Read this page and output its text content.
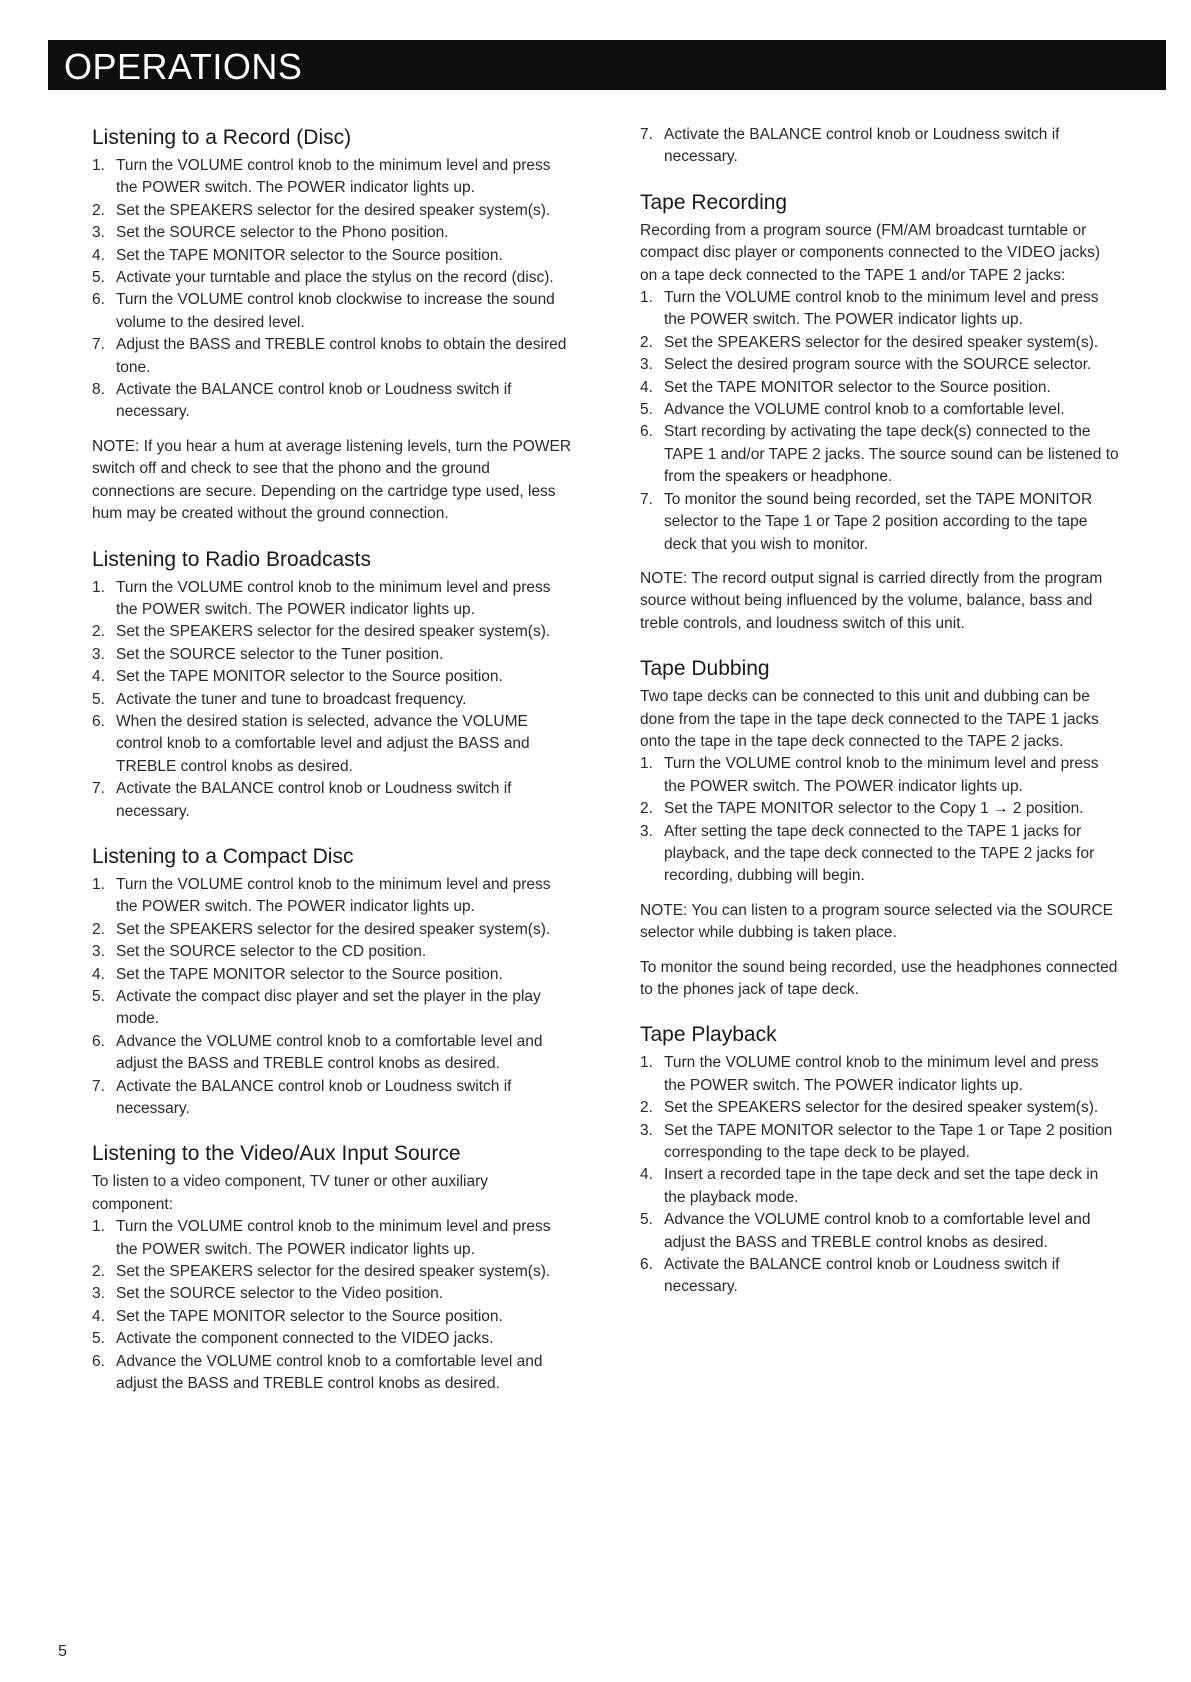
OPERATIONS
Listening to a Record (Disc)
1. Turn the VOLUME control knob to the minimum level and press the POWER switch. The POWER indicator lights up.
2. Set the SPEAKERS selector for the desired speaker system(s).
3. Set the SOURCE selector to the Phono position.
4. Set the TAPE MONITOR selector to the Source position.
5. Activate your turntable and place the stylus on the record (disc).
6. Turn the VOLUME control knob clockwise to increase the sound volume to the desired level.
7. Adjust the BASS and TREBLE control knobs to obtain the desired tone.
8. Activate the BALANCE control knob or Loudness switch if necessary.

NOTE: If you hear a hum at average listening levels, turn the POWER switch off and check to see that the phono and the ground connections are secure. Depending on the cartridge type used, less hum may be created without the ground connection.

Listening to Radio Broadcasts
1. Turn the VOLUME control knob to the minimum level and press the POWER switch. The POWER indicator lights up.
2. Set the SPEAKERS selector for the desired speaker system(s).
3. Set the SOURCE selector to the Tuner position.
4. Set the TAPE MONITOR selector to the Source position.
5. Activate the tuner and tune to broadcast frequency.
6. When the desired station is selected, advance the VOLUME control knob to a comfortable level and adjust the BASS and TREBLE control knobs as desired.
7. Activate the BALANCE control knob or Loudness switch if necessary.
Listening to a Compact Disc
1. Turn the VOLUME control knob to the minimum level and press the POWER switch. The POWER indicator lights up.
2. Set the SPEAKERS selector for the desired speaker system(s).
3. Set the SOURCE selector to the CD position.
4. Set the TAPE MONITOR selector to the Source position.
5. Activate the compact disc player and set the player in the play mode.
6. Advance the VOLUME control knob to a comfortable level and adjust the BASS and TREBLE control knobs as desired.
7. Activate the BALANCE control knob or Loudness switch if necessary.
Listening to the Video/Aux Input Source

To listen to a video component, TV tuner or other auxiliary component:

1. Turn the VOLUME control knob to the minimum level and press the POWER switch. The POWER indicator lights up.
2. Set the SPEAKERS selector for the desired speaker system(s).
3. Set the SOURCE selector to the Video position.
4. Set the TAPE MONITOR selector to the Source position.
5. Activate the component connected to the VIDEO jacks.
6. Advance the VOLUME control knob to a comfortable level and adjust the BASS and TREBLE control knobs as desired.
7. Activate the BALANCE control knob or Loudness switch if necessary.
Tape Recording

Recording from a program source (FM/AM broadcast turntable or compact disc player or components connected to the VIDEO jacks) on a tape deck connected to the TAPE 1 and/or TAPE 2 jacks:

1. Turn the VOLUME control knob to the minimum level and press the POWER switch. The POWER indicator lights up.
2. Set the SPEAKERS selector for the desired speaker system(s).
3. Select the desired program source with the SOURCE selector.
4. Set the TAPE MONITOR selector to the Source position.
5. Advance the VOLUME control knob to a comfortable level.
6. Start recording by activating the tape deck(s) connected to the TAPE 1 and/or TAPE 2 jacks. The source sound can be listened to from the speakers or headphone.
7. To monitor the sound being recorded, set the TAPE MONITOR selector to the Tape 1 or Tape 2 position according to the tape deck that you wish to monitor.

NOTE: The record output signal is carried directly from the program source without being influenced by the volume, balance, bass and treble controls, and loudness switch of this unit.

Tape Dubbing

Two tape decks can be connected to this unit and dubbing can be done from the tape in the tape deck connected to the TAPE 1 jacks onto the tape in the tape deck connected to the TAPE 2 jacks.

1. Turn the VOLUME control knob to the minimum level and press the POWER switch. The POWER indicator lights up.
2. Set the TAPE MONITOR selector to the Copy 1 → 2 position.
3. After setting the tape deck connected to the TAPE 1 jacks for playback, and the tape deck connected to the TAPE 2 jacks for recording, dubbing will begin.

NOTE: You can listen to a program source selected via the SOURCE selector while dubbing is taken place.

To monitor the sound being recorded, use the headphones connected to the phones jack of tape deck.

Tape Playback
1. Turn the VOLUME control knob to the minimum level and press the POWER switch. The POWER indicator lights up.
2. Set the SPEAKERS selector for the desired speaker system(s).
3. Set the TAPE MONITOR selector to the Tape 1 or Tape 2 position corresponding to the tape deck to be played.
4. Insert a recorded tape in the tape deck and set the tape deck in the playback mode.
5. Advance the VOLUME control knob to a comfortable level and adjust the BASS and TREBLE control knobs as desired.
6. Activate the BALANCE control knob or Loudness switch if necessary.
5
